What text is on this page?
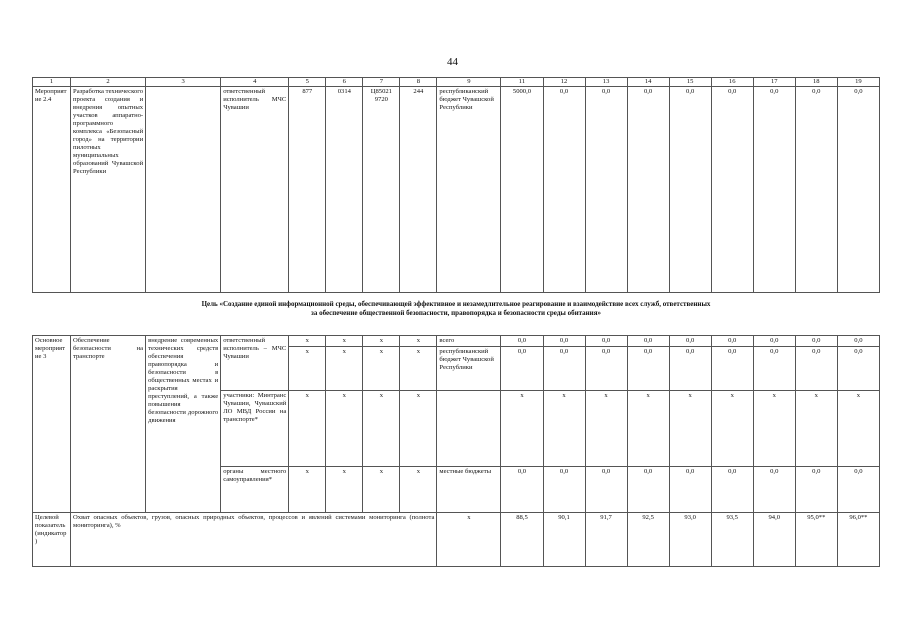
44
1	2	3	4	5	6	7	8	9	11	12	13	14	15	16	17	18	19
Мероприятие 2.4	Разработка технического проекта создания и внедрения опытных участков аппаратно-программного комплекса «Безопасный город» на территории пилотных муниципальных образований Чувашской Республики		ответственный исполнитель МЧС Чувашии	877	0314	Ц85021 9720	244	республиканский бюджет Чувашской Республики	5000,0	0,0	0,0	0,0	0,0	0,0	0,0	0,0	0,0
Цель «Создание единой информационной среды, обеспечивающей эффективное и незамедлительное реагирование и взаимодействие всех служб, ответственных
за обеспечение общественной безопасности, правопорядка и безопасности среды обитания»
Основное мероприятие 3	Обеспечение безопасности на транспорте	внедрение современных технических средств обеспечения правопорядка и безопасности в общественных местах и раскрытия преступлений, а также повышения безопасности дорожного движения	ответственный исполнитель – МЧС Чувашии	x	x	x	x	всего	0,0	0,0	0,0	0,0	0,0	0,0	0,0	0,0	0,0
				x	x	x	x	республиканский бюджет Чувашской Республики	0,0	0,0	0,0	0,0	0,0	0,0	0,0	0,0	0,0
			участники: Минтранс Чувашии, Чувашский ЛО МВД России на транспорте*	x	x	x	x		x	x	x	x	x	x	x	x	x
			органы местного самоуправления*	x	x	x	x	местные бюджеты	0,0	0,0	0,0	0,0	0,0	0,0	0,0	0,0	0,0
Целевой показатель (индикатор)	Охват опасных объектов, грузов, опасных природных объектов, процессов и явлений системами мониторинга (полнота мониторинга), %							x	88,5	90,1	91,7	92,5	93,0	93,5	94,0	95,0**	96,0**
